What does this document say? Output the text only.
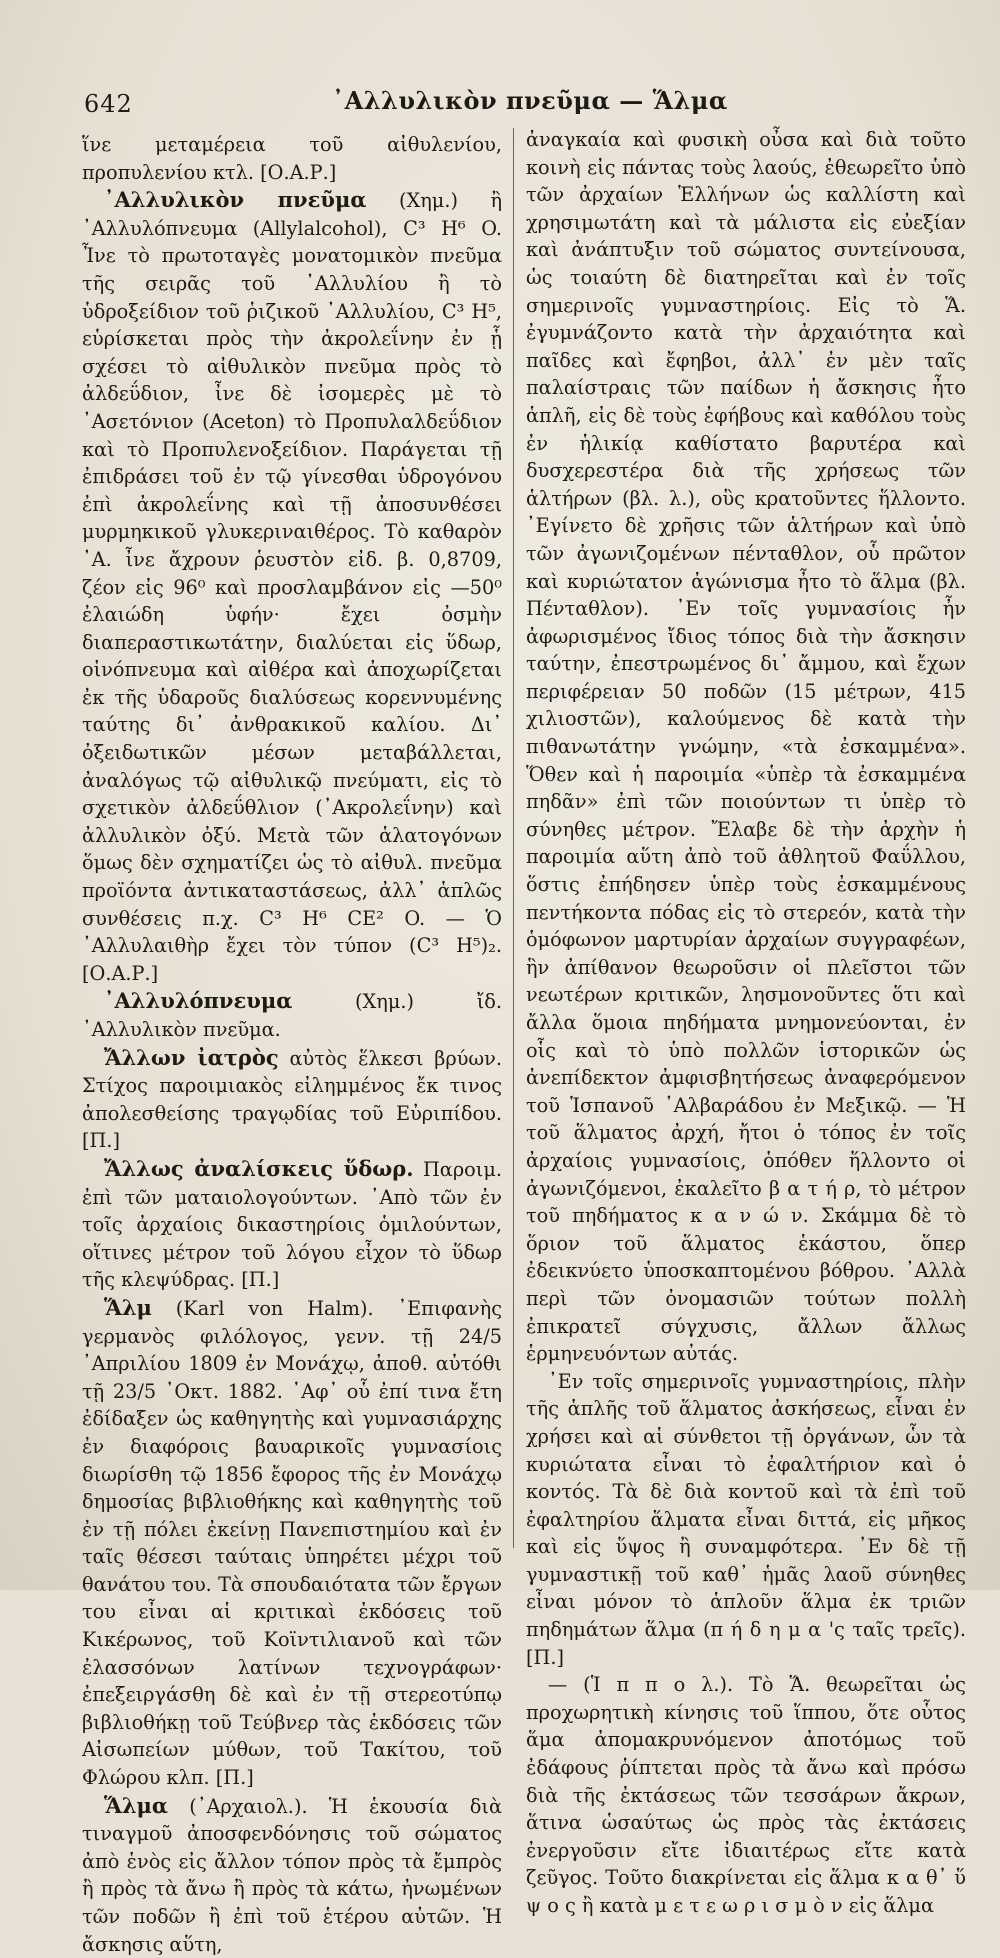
642	᾿Αλλυλικὸν πνεῦμα — Ἅλμα

ἵνε μεταμέρεια τοῦ αἰθυλενίου, προπυλενίου κτλ. [Ο.Α.Ρ.]

᾿Αλλυλικὸν πνεῦμα (Χημ.) ἢ ᾿Αλλυλόπνευμα (Allylalcohol), C³ H⁶ O. Ἶνε τὸ πρωτοταγὲς μονατομικὸν πνεῦμα τῆς σειρᾶς τοῦ ᾿Αλλυλίου ἢ τὸ ὑδροξείδιον τοῦ ῥιζικοῦ ᾿Αλλυλίου, C³ H⁵, εὑρίσκεται πρὸς τὴν ἀκρολεΐνην ἐν ᾗ σχέσει τὸ αἰθυλικὸν πνεῦμα πρὸς τὸ ἀλδεΰδιον, ἶνε δὲ ἰσομερὲς μὲ τὸ ᾿Ασετόνιον (Aceton) τὸ Προπυλαλδεΰδιον καὶ τὸ Προπυλενοξείδιον. Παράγεται τῇ ἐπιδράσει τοῦ ἐν τῷ γίνεσθαι ὑδρογόνου ἐπὶ ἀκρολεΐνης καὶ τῇ ἀποσυνθέσει μυρμηκικοῦ γλυκεριναιθέρος. Τὸ καθαρὸν ᾿Α. ἶνε ἄχρουν ῥευστὸν εἰδ. β. 0,8709, ζέον εἰς 96⁰ καὶ προσλαμβάνον εἰς —50⁰ ἐλαιώδη ὑφήν· ἔχει ὀσμὴν διαπεραστικωτάτην, διαλύεται εἰς ὕδωρ, οἰνόπνευμα καὶ αἰθέρα καὶ ἀποχωρίζεται ἐκ τῆς ὑδαροῦς διαλύσεως κορεννυμένης ταύτης δι᾿ ἀνθρακικοῦ καλίου. Δι᾿ ὀξειδωτικῶν μέσων μεταβάλλεται, ἀναλόγως τῷ αἰθυλικῷ πνεύματι, εἰς τὸ σχετικὸν ἀλδεΰθλιον (᾿Ακρολεΐνην) καὶ ἀλλυλικὸν ὀξύ. Μετὰ τῶν ἁλατογόνων ὅμως δὲν σχηματίζει ὡς τὸ αἰθυλ. πνεῦμα προϊόντα ἀντικαταστάσεως, ἀλλ᾿ ἁπλῶς συνθέσεις π.χ. C³ H⁶ CE² O. — Ὁ ᾿Αλλυλαιθὴρ ἔχει τὸν τύπον (C³ H⁵)₂. [Ο.Α.Ρ.]

᾿Αλλυλόπνευμα (Χημ.) ἴδ. ᾿Αλλυλικὸν πνεῦμα.

Ἄλλων ἰατρὸς αὐτὸς ἕλκεσι βρύων. Στίχος παροιμιακὸς εἰλημμένος ἔκ τινος ἀπολεσθείσης τραγῳδίας τοῦ Εὐριπίδου. [Π.]

Ἄλλως ἀναλίσκεις ὕδωρ. Παροιμ. ἐπὶ τῶν ματαιολογούντων. ᾿Απὸ τῶν ἐν τοῖς ἀρχαίοις δικαστηρίοις ὁμιλούντων, οἵτινες μέτρον τοῦ λόγου εἶχον τὸ ὕδωρ τῆς κλεψύδρας. [Π.]

Ἅλμ (Karl von Halm). ᾿Επιφανὴς γερμανὸς φιλόλογος, γενν. τῇ 24/5 ᾿Απριλίου 1809 ἐν Μονάχῳ, ἀποθ. αὐτόθι τῇ 23/5 ᾿Οκτ. 1882. ᾿Αφ᾿ οὗ ἐπί τινα ἔτη ἐδίδαξεν ὡς καθηγητὴς καὶ γυμνασιάρχης ἐν διαφόροις βαυαρικοῖς γυμνασίοις διωρίσθη τῷ 1856 ἔφορος τῆς ἐν Μονάχῳ δημοσίας βιβλιοθήκης καὶ καθηγητὴς τοῦ ἐν τῇ πόλει ἐκείνῃ Πανεπιστημίου καὶ ἐν ταῖς θέσεσι ταύταις ὑπηρέτει μέχρι τοῦ θανάτου του. Τὰ σπουδαιότατα τῶν ἔργων του εἶναι αἱ κριτικαὶ ἐκδόσεις τοῦ Κικέρωνος, τοῦ Κοϊντιλιανοῦ καὶ τῶν ἐλασσόνων λατίνων τεχνογράφων· ἐπεξειργάσθη δὲ καὶ ἐν τῇ στερεοτύπῳ βιβλιοθήκῃ τοῦ Τεύβνερ τὰς ἐκδόσεις τῶν Αἰσωπείων μύθων, τοῦ Τακίτου, τοῦ Φλώρου κλπ. [Π.]

Ἅλμα (᾿Αρχαιολ.). Ἡ ἑκουσία διὰ τιναγμοῦ ἀποσφενδόνησις τοῦ σώματος ἀπὸ ἑνὸς εἰς ἄλλον τόπον πρὸς τὰ ἔμπρὸς ἢ πρὸς τὰ ἄνω ἢ πρὸς τὰ κάτω, ἠνωμένων τῶν ποδῶν ἢ ἐπὶ τοῦ ἑτέρου αὐτῶν. Ἡ ἄσκησις αὕτη,

ἀναγκαία καὶ φυσικὴ οὖσα καὶ διὰ τοῦτο κοινὴ εἰς πάντας τοὺς λαούς, ἐθεωρεῖτο ὑπὸ τῶν ἀρχαίων Ἑλλήνων ὡς καλλίστη καὶ χρησιμωτάτη καὶ τὰ μάλιστα εἰς εὐεξίαν καὶ ἀνάπτυξιν τοῦ σώματος συντείνουσα, ὡς τοιαύτη δὲ διατηρεῖται καὶ ἐν τοῖς σημερινοῖς γυμναστηρίοις. Εἰς τὸ Ἅ. ἐγυμνάζοντο κατὰ τὴν ἀρχαιότητα καὶ παῖδες καὶ ἔφηβοι, ἀλλ᾿ ἐν μὲν ταῖς παλαίστραις τῶν παίδων ἡ ἄσκησις ἦτο ἁπλῆ, εἰς δὲ τοὺς ἐφήβους καὶ καθόλου τοὺς ἐν ἡλικίᾳ καθίστατο βαρυτέρα καὶ δυσχερεστέρα διὰ τῆς χρήσεως τῶν ἁλτήρων (βλ. λ.), οὓς κρατοῦντες ἥλλοντο. ᾿Εγίνετο δὲ χρῆσις τῶν ἁλτήρων καὶ ὑπὸ τῶν ἀγωνιζομένων πένταθλον, οὗ πρῶτον καὶ κυριώτατον ἀγώνισμα ἦτο τὸ ἅλμα (βλ. Πένταθλον). ᾿Εν τοῖς γυμνασίοις ἦν ἀφωρισμένος ἴδιος τόπος διὰ τὴν ἄσκησιν ταύτην, ἐπεστρωμένος δι᾿ ἄμμου, καὶ ἔχων περιφέρειαν 50 ποδῶν (15 μέτρων, 415 χιλιοστῶν), καλούμενος δὲ κατὰ τὴν πιθανωτάτην γνώμην, «τὰ ἐσκαμμένα». Ὅθεν καὶ ἡ παροιμία «ὑπὲρ τὰ ἐσκαμμένα πηδᾶν» ἐπὶ τῶν ποιούντων τι ὑπὲρ τὸ σύνηθες μέτρον. Ἔλαβε δὲ τὴν ἀρχὴν ἡ παροιμία αὕτη ἀπὸ τοῦ ἀθλητοῦ Φαΰλλου, ὅστις ἐπήδησεν ὑπὲρ τοὺς ἐσκαμμένους πεντήκοντα πόδας εἰς τὸ στερεόν, κατὰ τὴν ὁμόφωνον μαρτυρίαν ἀρχαίων συγγραφέων, ἣν ἀπίθανον θεωροῦσιν οἱ πλεῖστοι τῶν νεωτέρων κριτικῶν, λησμονοῦντες ὅτι καὶ ἄλλα ὅμοια πηδήματα μνημονεύονται, ἐν οἷς καὶ τὸ ὑπὸ πολλῶν ἱστορικῶν ὡς ἀνεπίδεκτον ἀμφισβητήσεως ἀναφερόμενον τοῦ Ἱσπανοῦ ᾿Αλβαράδου ἐν Μεξικῷ. — Ἡ τοῦ ἅλματος ἀρχή, ἤτοι ὁ τόπος ἐν τοῖς ἀρχαίοις γυμνασίοις, ὁπόθεν ἥλλοντο οἱ ἀγωνιζόμενοι, ἐκαλεῖτο β α τ ή ρ, τὸ μέτρον τοῦ πηδήματος κ α ν ώ ν. Σκάμμα δὲ τὸ ὅριον τοῦ ἅλματος ἑκάστου, ὅπερ ἐδεικνύετο ὑποσκαπτομένου βόθρου. ᾿Αλλὰ περὶ τῶν ὀνομασιῶν τούτων πολλὴ ἐπικρατεῖ σύγχυσις, ἄλλων ἄλλως ἑρμηνευόντων αὐτάς.

᾿Εν τοῖς σημερινοῖς γυμναστηρίοις, πλὴν τῆς ἁπλῆς τοῦ ἅλματος ἀσκήσεως, εἶναι ἐν χρήσει καὶ αἱ σύνθετοι τῇ ὀργάνων, ὧν τὰ κυριώτατα εἶναι τὸ ἐφαλτήριον καὶ ὁ κοντός. Τὰ δὲ διὰ κοντοῦ καὶ τὰ ἐπὶ τοῦ ἐφαλτηρίου ἅλματα εἶναι διττά, εἰς μῆκος καὶ εἰς ὕψος ἢ συναμφότερα. ᾿Εν δὲ τῇ γυμναστικῇ τοῦ καθ᾿ ἡμᾶς λαοῦ σύνηθες εἶναι μόνον τὸ ἁπλοῦν ἅλμα ἐκ τριῶν πηδημάτων ἅλμα (π ή δ η μ α 'ς ταῖς τρεῖς). [Π.]

— (Ἱ π π ο λ.). Τὸ Ἅ. θεωρεῖται ὡς προχωρητικὴ κίνησις τοῦ ἵππου, ὅτε οὗτος ἅμα ἀπομακρυνόμενον ἀποτόμως τοῦ ἐδάφους ῥίπτεται πρὸς τὰ ἄνω καὶ πρόσω διὰ τῆς ἐκτάσεως τῶν τεσσάρων ἄκρων, ἅτινα ὡσαύτως ὡς πρὸς τὰς ἐκτάσεις ἐνεργοῦσιν εἴτε ἰδιαιτέρως εἴτε κατὰ ζεῦγος. Τοῦτο διακρίνεται εἰς ἅλμα κ α θ᾿ ὕ ψ ο ς ἢ κατὰ μ ε τ ε ω ρ ι σ μ ὸ ν εἰς ἅλμα
